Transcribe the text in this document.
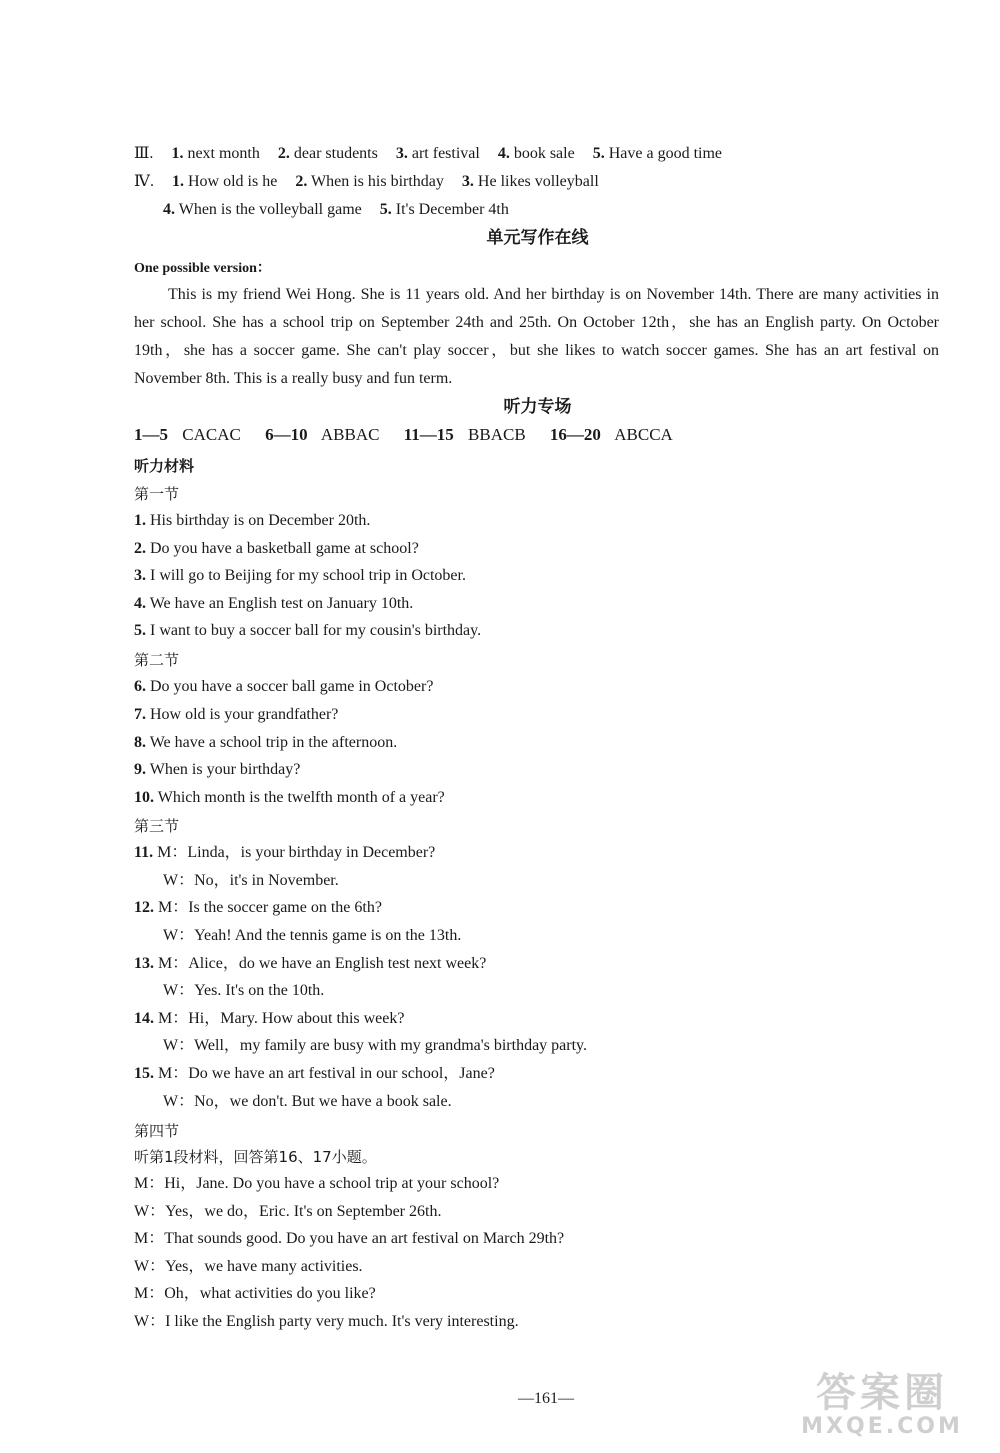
Ⅲ. 1. next month 2. dear students 3. art festival 4. book sale 5. Have a good time
Ⅳ. 1. How old is he 2. When is his birthday 3. He likes volleyball
4. When is the volleyball game 5. It's December 4th
单元写作在线
One possible version：
This is my friend Wei Hong. She is 11 years old. And her birthday is on November 14th. There are many activities in her school. She has a school trip on September 24th and 25th. On October 12th，she has an English party. On October 19th，she has a soccer game. She can't play soccer，but she likes to watch soccer games. She has an art festival on November 8th. This is a really busy and fun term.
听力专场
1—5 CACAC 6—10 ABBAC 11—15 BBACB 16—20 ABCCA
听力材料
第一节
1. His birthday is on December 20th.
2. Do you have a basketball game at school?
3. I will go to Beijing for my school trip in October.
4. We have an English test on January 10th.
5. I want to buy a soccer ball for my cousin's birthday.
第二节
6. Do you have a soccer ball game in October?
7. How old is your grandfather?
8. We have a school trip in the afternoon.
9. When is your birthday?
10. Which month is the twelfth month of a year?
第三节
11. M：Linda，is your birthday in December?
W：No，it's in November.
12. M：Is the soccer game on the 6th?
W：Yeah! And the tennis game is on the 13th.
13. M：Alice，do we have an English test next week?
W：Yes. It's on the 10th.
14. M：Hi，Mary. How about this week?
W：Well，my family are busy with my grandma's birthday party.
15. M：Do we have an art festival in our school，Jane?
W：No，we don't. But we have a book sale.
第四节
听第1段材料，回答第16、17小题。
M：Hi，Jane. Do you have a school trip at your school?
W：Yes，we do，Eric. It's on September 26th.
M：That sounds good. Do you have an art festival on March 29th?
W：Yes，we have many activities.
M：Oh，what activities do you like?
W：I like the English party very much. It's very interesting.
—161—	答案圈
MXQE.COM
